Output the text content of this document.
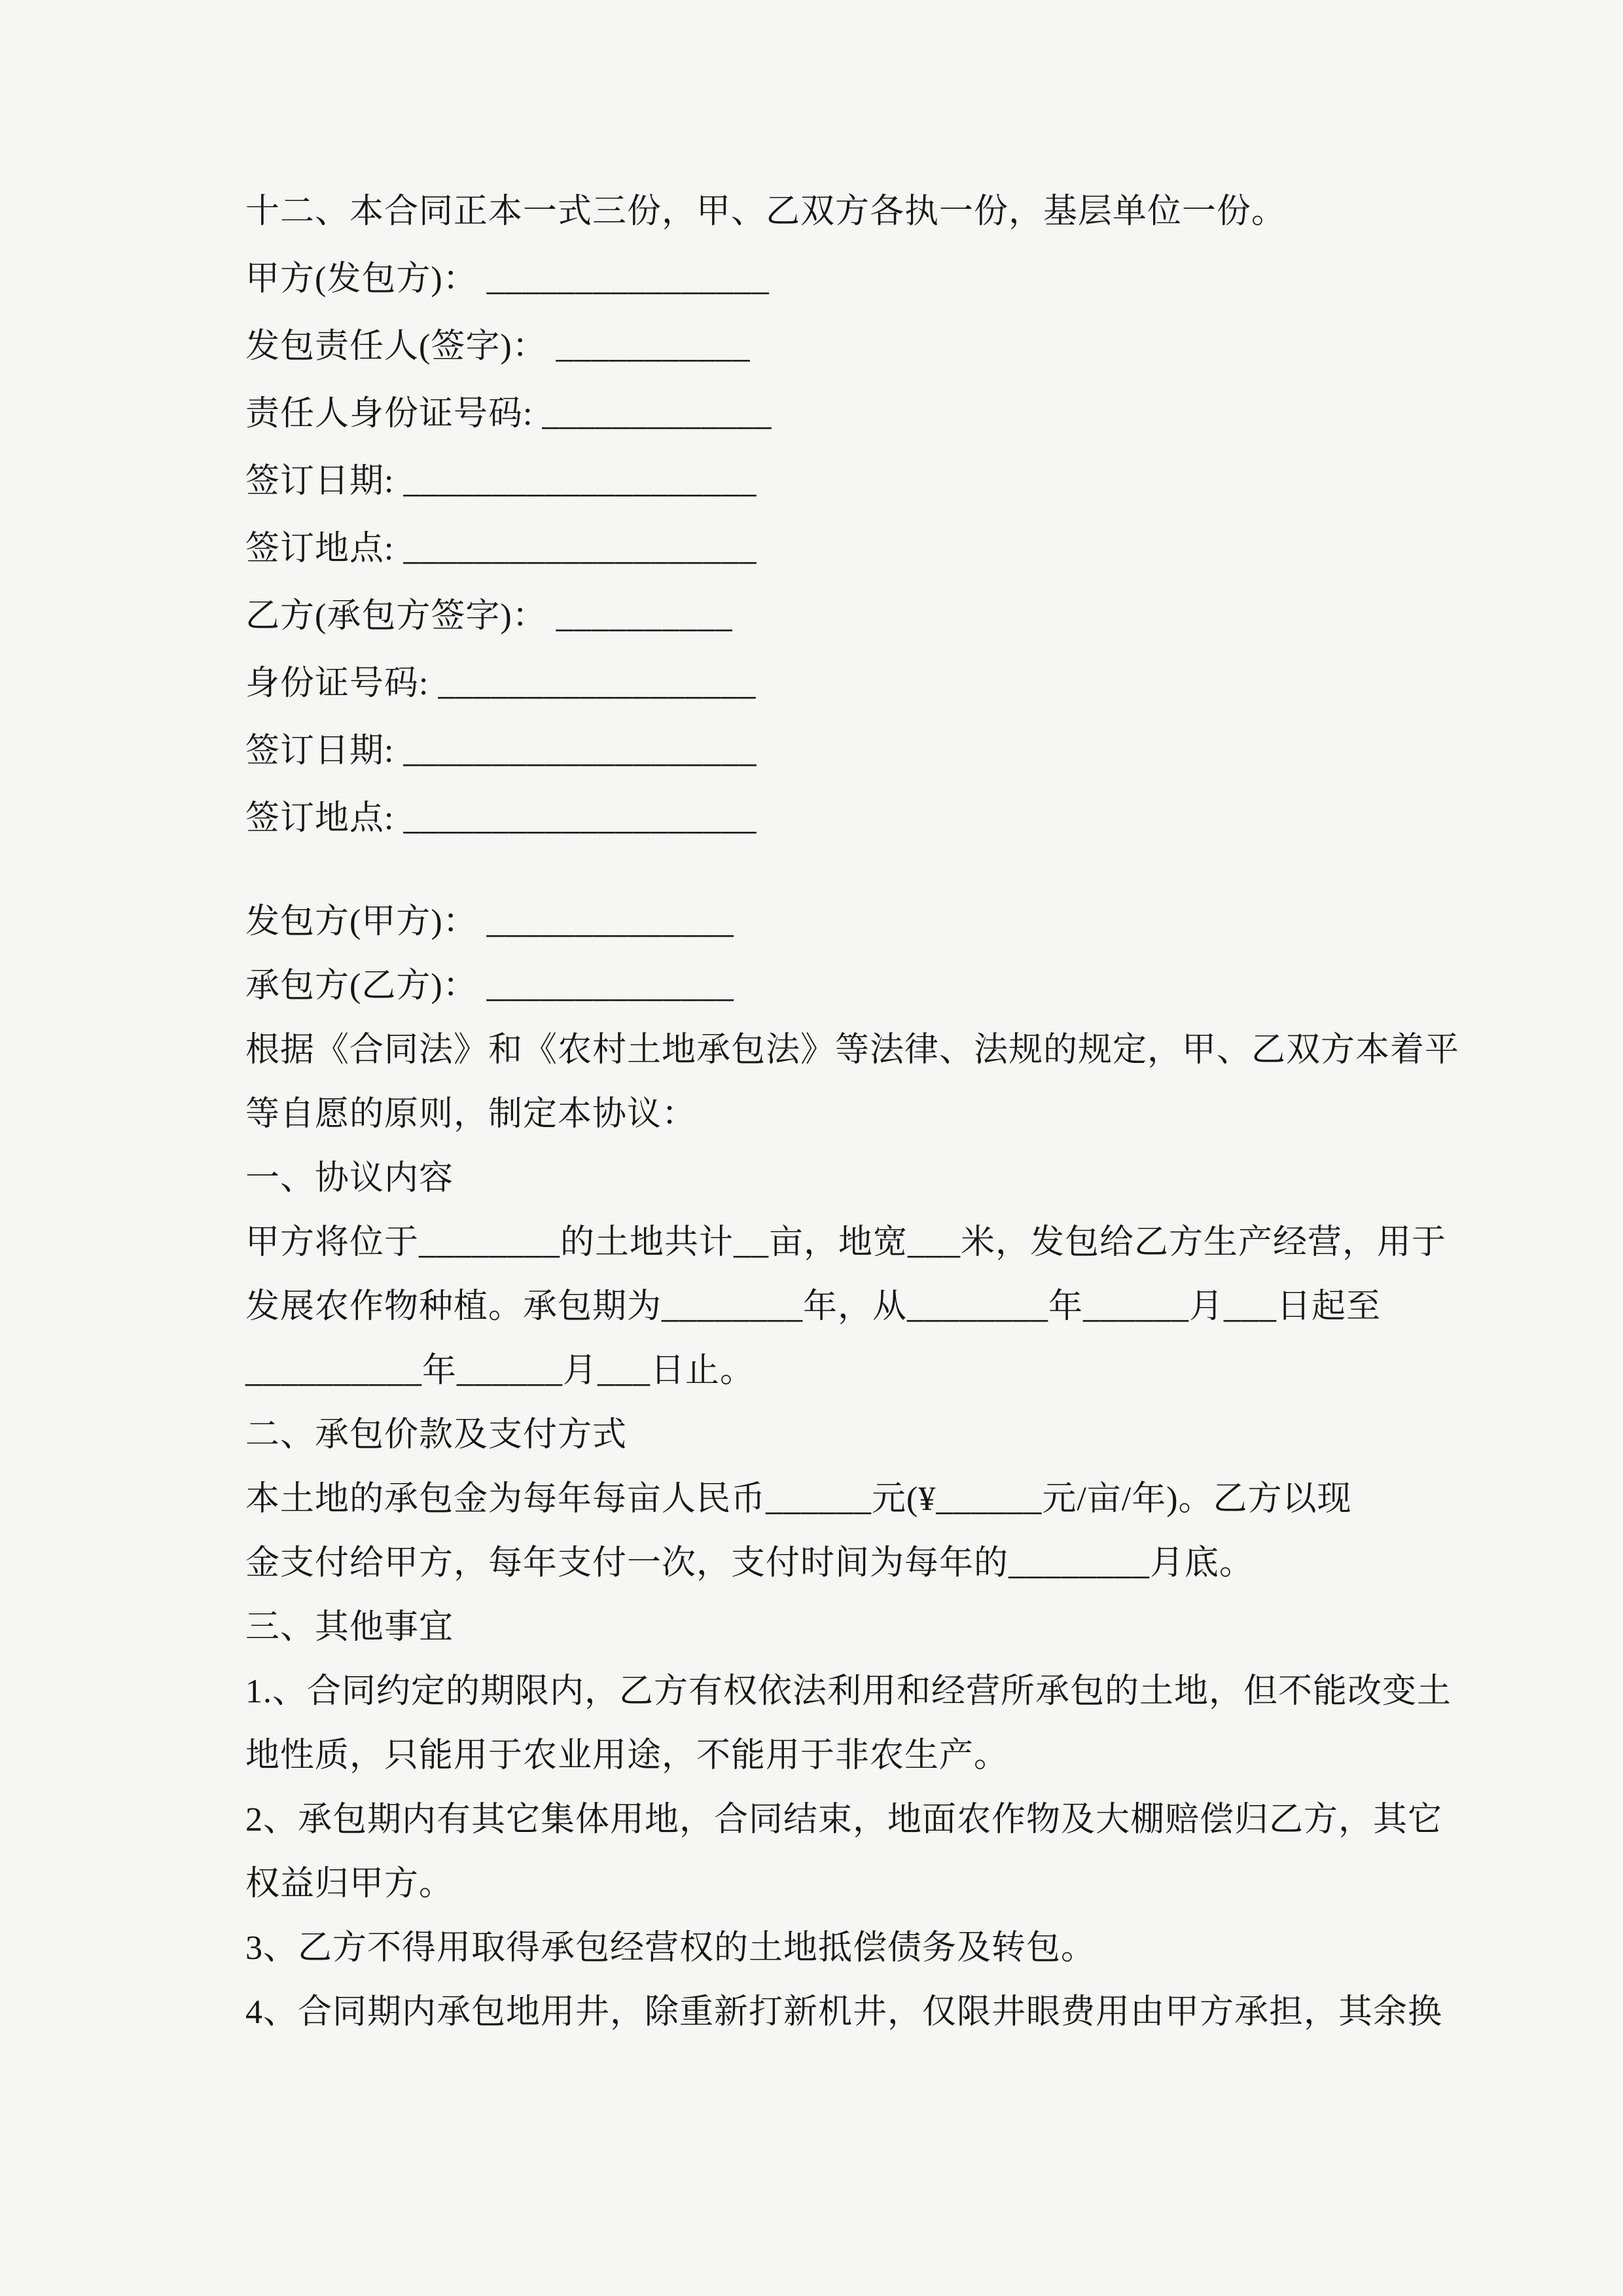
十二、本合同正本一式三份，甲、乙双方各执一份，基层单位一份。
甲方(发包方)： ________________
发包责任人(签字)： ___________
责任人身份证号码: _____________
签订日期: ____________________
签订地点: ____________________
乙方(承包方签字)： __________
身份证号码: __________________
签订日期: ____________________
签订地点: ____________________
发包方(甲方)： ______________
承包方(乙方)： ______________
根据《合同法》和《农村土地承包法》等法律、法规的规定，甲、乙双方本着平
等自愿的原则，制定本协议：
一、协议内容
甲方将位于________的土地共计__亩，地宽___米，发包给乙方生产经营，用于
发展农作物种植。承包期为________年，从________年______月___日起至
__________年______月___日止。
二、承包价款及支付方式
本土地的承包金为每年每亩人民币______元(¥______元/亩/年)。乙方以现
金支付给甲方，每年支付一次，支付时间为每年的________月底。
三、其他事宜
1.、合同约定的期限内，乙方有权依法利用和经营所承包的土地，但不能改变土
地性质，只能用于农业用途，不能用于非农生产。
2、承包期内有其它集体用地，合同结束，地面农作物及大棚赔偿归乙方，其它
权益归甲方。
3、乙方不得用取得承包经营权的土地抵偿债务及转包。
4、合同期内承包地用井，除重新打新机井，仅限井眼费用由甲方承担，其余换
